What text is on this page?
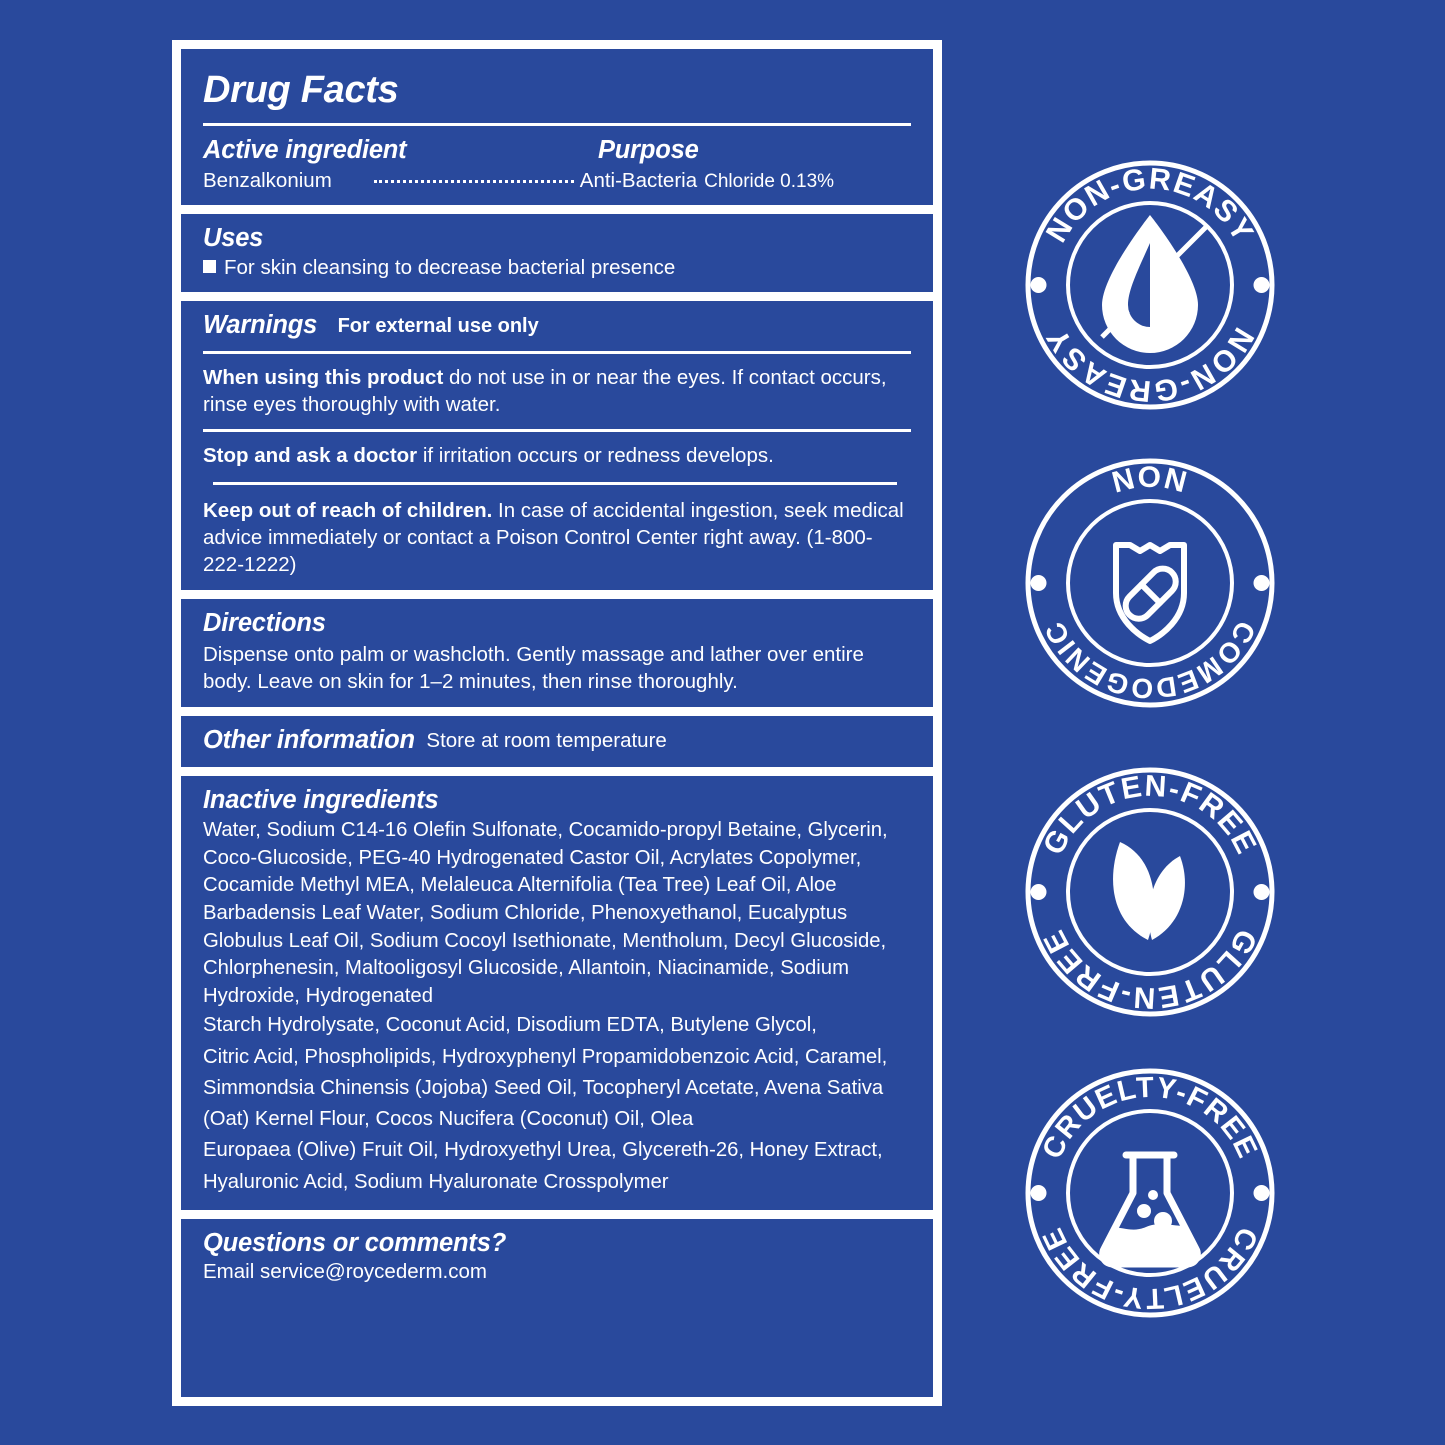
Drug Facts
Active ingredient	Purpose
Benzalkonium	Anti-Bacteria Chloride 0.13%
Uses
For skin cleansing to decrease bacterial presence
Warnings For external use only
When using this product do not use in or near the eyes. If contact occurs, rinse eyes thoroughly with water.
Stop and ask a doctor if irritation occurs or redness develops.
Keep out of reach of children. In case of accidental ingestion, seek medical advice immediately or contact a Poison Control Center right away. (1-800-222-1222)
Directions
Dispense onto palm or washcloth. Gently massage and lather over entire body. Leave on skin for 1–2 minutes, then rinse thoroughly.
Other information Store at room temperature
Inactive ingredients

Water, Sodium C14-16 Olefin Sulfonate, Cocamido-propyl Betaine, Glycerin, Coco-Glucoside, PEG-40 Hydrogenated Castor Oil, Acrylates Copolymer, Cocamide Methyl MEA, Melaleuca Alternifolia (Tea Tree) Leaf Oil, Aloe Barbadensis Leaf Water, Sodium Chloride, Phenoxyethanol, Eucalyptus Globulus Leaf Oil, Sodium Cocoyl Isethionate, Mentholum, Decyl Glucoside, Chlorphenesin, Maltooligosyl Glucoside, Allantoin, Niacinamide, Sodium Hydroxide, Hydrogenated

Starch Hydrolysate, Coconut Acid, Disodium EDTA, Butylene Glycol,

Citric Acid, Phospholipids, Hydroxyphenyl Propamidobenzoic Acid, Caramel, Simmondsia Chinensis (Jojoba) Seed Oil, Tocopheryl Acetate, Avena Sativa (Oat) Kernel Flour, Cocos Nucifera (Coconut) Oil, Olea

Europaea (Olive) Fruit Oil, Hydroxyethyl Urea, Glycereth-26, Honey Extract, Hyaluronic Acid, Sodium Hyaluronate Crosspolymer

Questions or comments?
Email service@roycederm.com
NON-GREASY
NON-GREASY
NON
COMEDOGENIC
GLUTEN-FREE
GLUTEN-FREE
CRUELTY-FREE
CRUELTY-FREE
